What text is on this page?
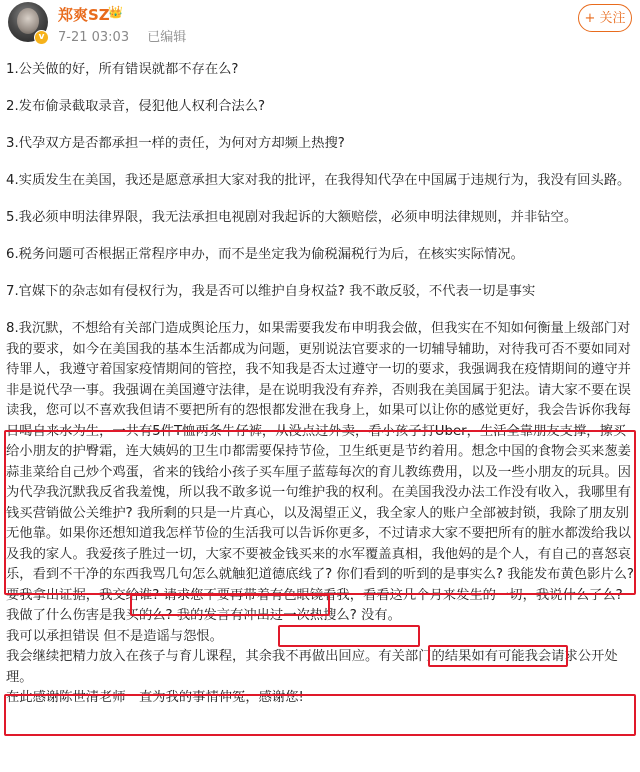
v
郑爽SZ
👑
7-21 03:03 已编辑
+ 关注

1.公关做的好，所有错误就都不存在么?

2.发布偷录截取录音，侵犯他人权利合法么?

3.代孕双方是否都承担一样的责任，为何对方却频上热搜?

4.实质发生在美国，我还是愿意承担大家对我的批评，在我得知代孕在中国属于违规行为，我没有回头路。

5.我必须申明法律界限，我无法承担电视剧对我起诉的大额赔偿，必须申明法律规则，并非钻空。

6.税务问题可否根据正常程序申办，而不是坐定我为偷税漏税行为后，在核实实际情况。

7.官媒下的杂志如有侵权行为，我是否可以维护自身权益? 我不敢反驳，不代表一切是事实

8.我沉默，不想给有关部门造成舆论压力，如果需要我发布申明我会做，但我实在不知如何衡量上级部门对我的要求，如今在美国我的基本生活都成为问题，更别说法官要求的一切辅导辅助，对待我可否不要如同对待罪人，我遵守着国家疫情期间的管控，我不知我是否太过遵守一切的要求，我强调我在疫情期间的遵守并非是说代孕一事。我强调在美国遵守法律，是在说明我没有弃养，否则我在美国属于犯法。请大家不要在误读我，您可以不喜欢我但请不要把所有的怨恨都发泄在我身上，如果可以让你的感觉更好，我会告诉你我每日喝自来水为生，一共有5件T恤两条牛仔裤，从没点过外卖，看小孩子打Uber，生活全靠朋友支撑，擦买给小朋友的护臀霜，连大姨妈的卫生巾都需要保持节俭，卫生纸更是节约着用。想念中国的食物会买来葱姜蒜韭菜给自己炒个鸡蛋，省来的钱给小孩子买车厘子蓝莓每次的育儿教练费用，以及一些小朋友的玩具。因为代孕我沉默我反省我羞愧，所以我不敢多说一句维护我的权利。在美国我没办法工作没有收入，我哪里有钱买营销做公关维护? 我所剩的只是一片真心，以及渴望正义，我全家人的账户全部被封锁，我除了朋友别无他靠。如果你还想知道我怎样节俭的生活我可以告诉你更多，不过请求大家不要把所有的脏水都泼给我以及我的家人。我爱孩子胜过一切，大家不要被金钱买来的水军覆盖真相，我他妈的是个人，有自己的喜怒哀乐，看到不干净的东西我骂几句怎么就触犯道德底线了? 你们看到的听到的是事实么? 我能发布黄色影片么? 要我拿出证据，我交给谁? 请求您不要再带着有色眼镜看我，看看这几个月来发生的一切，我说什么了么? 我做了什么伤害是我买的么? 我的发言有冲出过一次热搜么? 没有。

我可以承担错误 但不是造谣与怨恨。

我会继续把精力放入在孩子与育儿课程，其余我不再做出回应。有关部门的结果如有可能我会请求公开处理。

在此感谢陈世清老师一直为我的事情伸冤，感谢您!
